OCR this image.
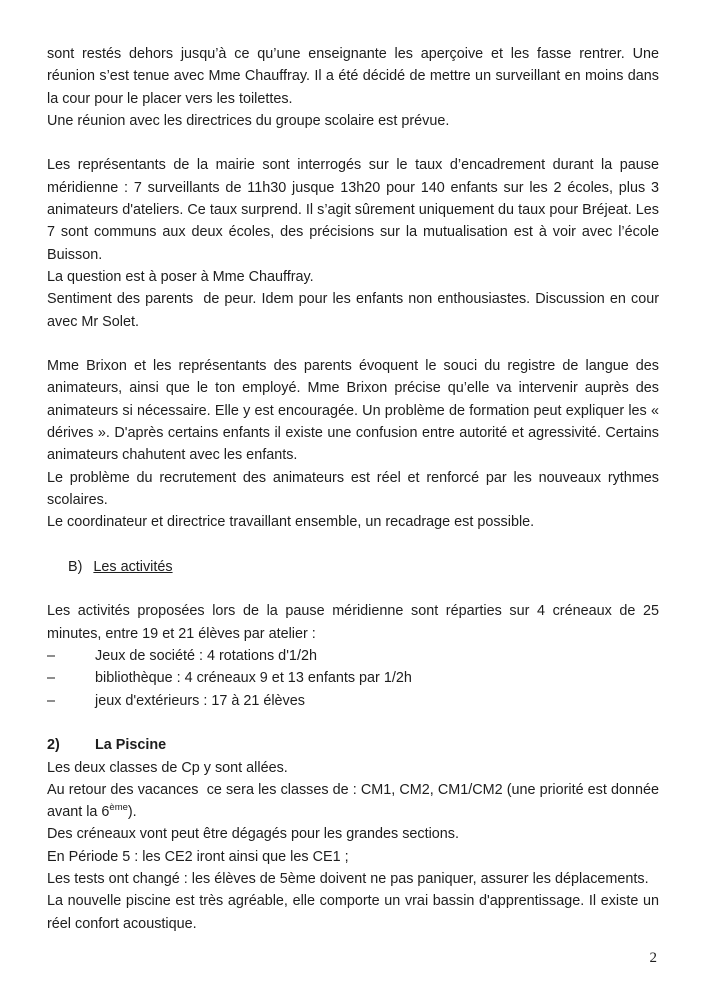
sont restés dehors jusqu’à ce qu’une enseignante les aperçoive et les fasse rentrer. Une réunion s’est tenue avec Mme Chauffray. Il a été décidé de mettre un surveillant en moins dans la cour pour le placer vers les toilettes.

Une réunion avec les directrices du groupe scolaire est prévue.

Les représentants de la mairie sont interrogés sur le taux d’encadrement durant la pause méridienne : 7 surveillants de 11h30 jusque 13h20 pour 140 enfants sur les 2 écoles, plus 3 animateurs d'ateliers. Ce taux surprend. Il s’agit sûrement uniquement du taux pour Bréjeat. Les 7 sont communs aux deux écoles, des précisions sur la mutualisation est à voir avec l’école Buisson.

La question est à poser à Mme Chauffray.

Sentiment des parents  de peur. Idem pour les enfants non enthousiastes. Discussion en cour avec Mr Solet.

Mme Brixon et les représentants des parents évoquent le souci du registre de langue des animateurs, ainsi que le ton employé. Mme Brixon précise qu’elle va intervenir auprès des animateurs si nécessaire. Elle y est encouragée. Un problème de formation peut expliquer les « dérives ». D'après certains enfants il existe une confusion entre autorité et agressivité. Certains animateurs chahutent avec les enfants.

Le problème du recrutement des animateurs est réel et renforcé par les nouveaux rythmes scolaires.

Le coordinateur et directrice travaillant ensemble, un recadrage est possible.

B) Les activités

Les activités proposées lors de la pause méridienne sont réparties sur 4 créneaux de 25 minutes, entre 19 et 21 élèves par atelier :

–	Jeux de société : 4 rotations d'1/2h
–	bibliothèque : 4 créneaux 9 et 13 enfants par 1/2h
–	jeux d'extérieurs : 17 à 21 élèves
2)	La Piscine

Les deux classes de Cp y sont allées.

Au retour des vacances  ce sera les classes de : CM1, CM2, CM1/CM2 (une priorité est donnée avant la 6ème).

Des créneaux vont peut être dégagés pour les grandes sections.

En Période 5 : les CE2 iront ainsi que les CE1 ;

Les tests ont changé : les élèves de 5ème doivent ne pas paniquer, assurer les déplacements.

La nouvelle piscine est très agréable, elle comporte un vrai bassin d'apprentissage. Il existe un réel confort acoustique.

2
